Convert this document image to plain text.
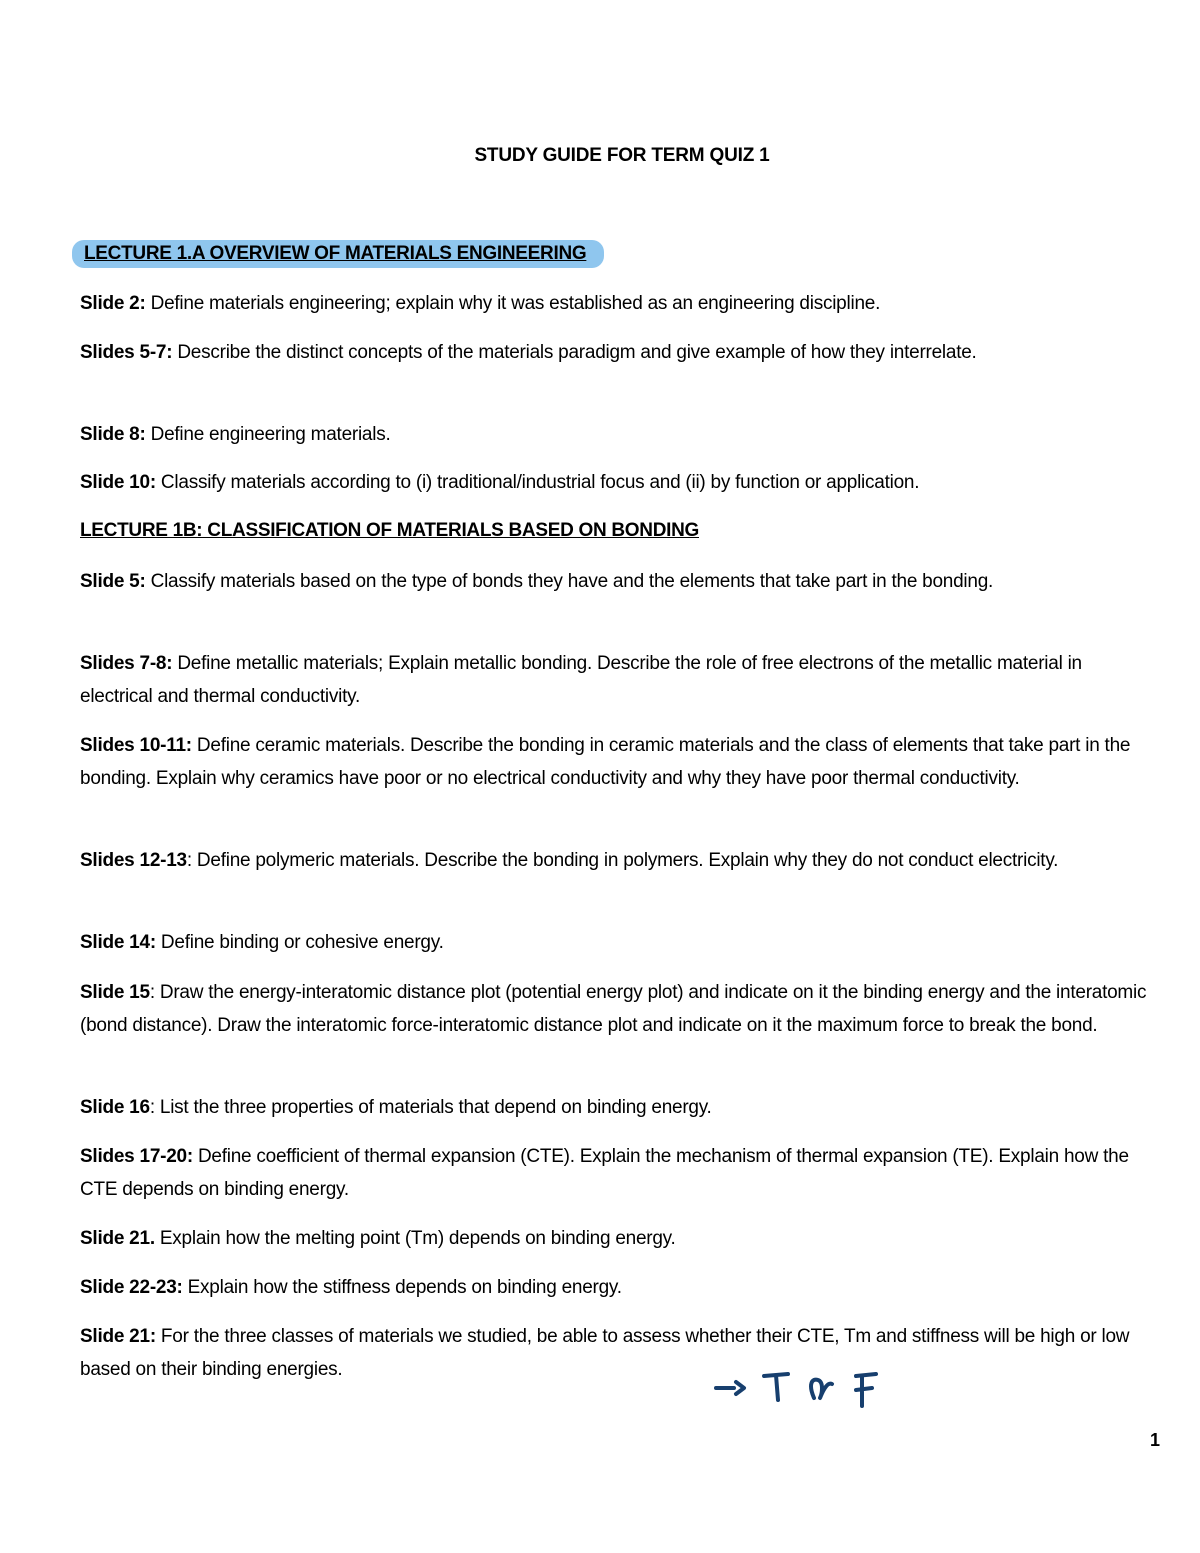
STUDY GUIDE FOR TERM QUIZ 1
LECTURE 1.A OVERVIEW OF MATERIALS ENGINEERING
Slide 2: Define materials engineering; explain why it was established as an engineering discipline.
Slides 5-7: Describe the distinct concepts of the materials paradigm and give example of how they interrelate.
Slide 8: Define engineering materials.
Slide 10: Classify materials according to (i) traditional/industrial focus and (ii) by function or application.
LECTURE 1B: CLASSIFICATION OF MATERIALS BASED ON BONDING
Slide 5: Classify materials based on the type of bonds they have and the elements that take part in the bonding.
Slides 7-8: Define metallic materials; Explain metallic bonding. Describe the role of free electrons of the metallic material in electrical and thermal conductivity.
Slides 10-11: Define ceramic materials. Describe the bonding in ceramic materials and the class of elements that take part in the bonding. Explain why ceramics have poor or no electrical conductivity and why they have poor thermal conductivity.
Slides 12-13: Define polymeric materials. Describe the bonding in polymers. Explain why they do not conduct electricity.
Slide 14: Define binding or cohesive energy.
Slide 15: Draw the energy-interatomic distance plot (potential energy plot) and indicate on it the binding energy and the interatomic (bond distance). Draw the interatomic force-interatomic distance plot and indicate on it the maximum force to break the bond.
Slide 16: List the three properties of materials that depend on binding energy.
Slides 17-20: Define coefficient of thermal expansion (CTE). Explain the mechanism of thermal expansion (TE). Explain how the CTE depends on binding energy.
Slide 21. Explain how the melting point (Tm) depends on binding energy.
Slide 22-23: Explain how the stiffness depends on binding energy.
Slide 21: For the three classes of materials we studied, be able to assess whether their CTE, Tm and stiffness will be high or low based on their binding energies.
1
